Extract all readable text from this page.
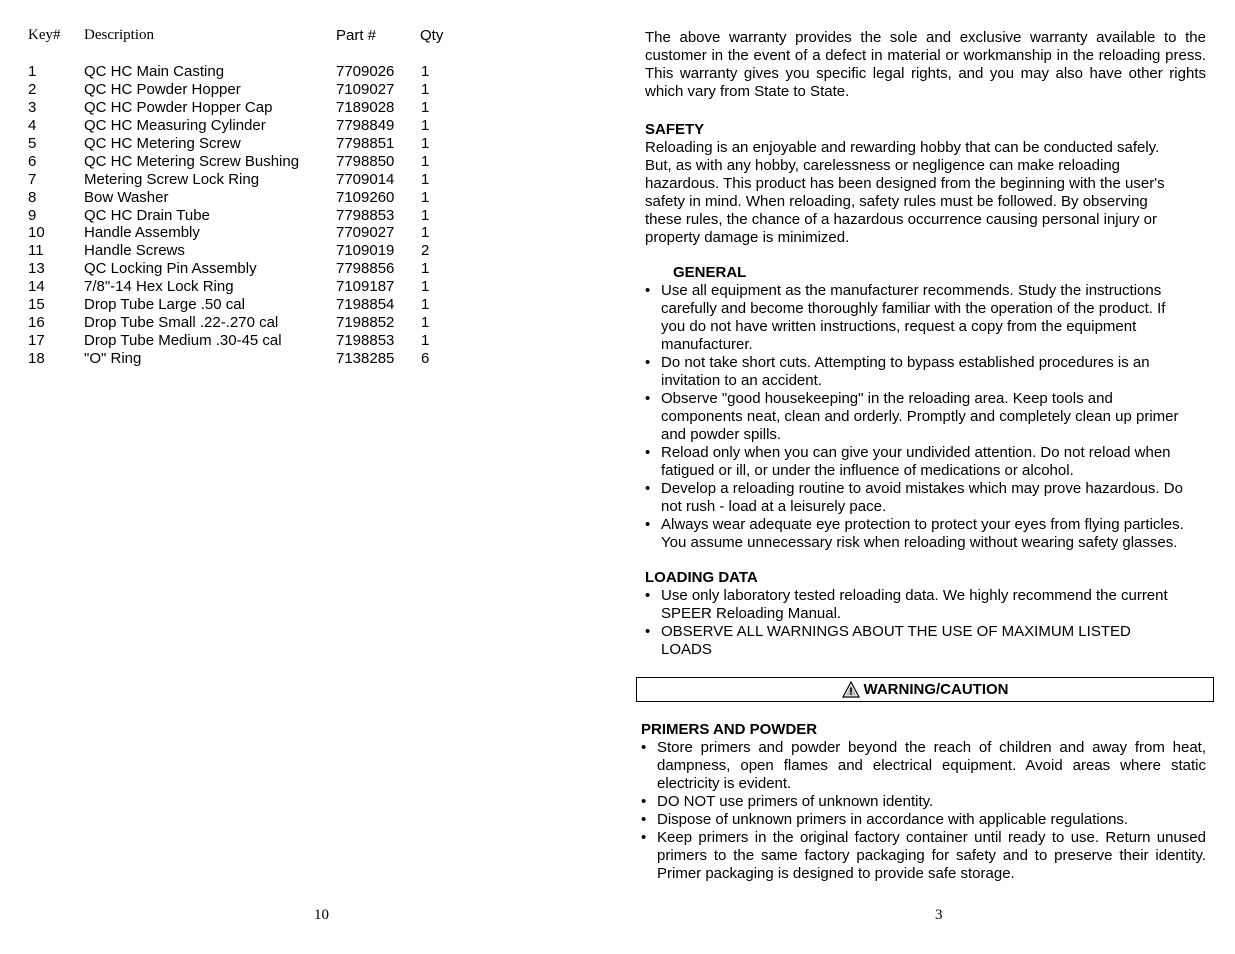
Key# Description	Part #	Qty
1	QC HC Main Casting	7709026 1
2	QC HC Powder Hopper	7109027 1
3	QC HC Powder Hopper Cap	7189028 1
4	QC HC Measuring Cylinder	7798849 1
5	QC HC Metering Screw	7798851 1
6	QC HC Metering Screw Bushing 7798850 1
7	Metering Screw Lock Ring	7709014 1
8	Bow Washer	7109260 1
9	QC HC Drain Tube	7798853 1
10	Handle Assembly	7709027 1
11	Handle Screws	7109019 2
13	QC Locking Pin Assembly	7798856 1
14	7/8"-14 Hex Lock Ring	7109187 1
15	Drop Tube Large .50 cal	7198854 1
16	Drop Tube Small .22-.270 cal	7198852 1
17	Drop Tube Medium .30-45 cal	7198853 1
18	"O" Ring	7138285 6
10
The above warranty provides the sole and exclusive warranty available to the customer in the event of a defect in material or workmanship in the reloading press. This warranty gives you specific legal rights, and you may also have other rights which vary from State to State.
SAFETY
Reloading is an enjoyable and rewarding hobby that can be conducted safely.
But, as with any hobby, carelessness or negligence can make reloading
hazardous. This product has been designed from the beginning with the user's
safety in mind. When reloading, safety rules must be followed. By observing
these rules, the chance of a hazardous occurrence causing personal injury or
property damage is minimized.
GENERAL
• Use all equipment as the manufacturer recommends. Study the instructions
carefully and become thoroughly familiar with the operation of the product. If
you do not have written instructions, request a copy from the equipment
manufacturer.
• Do not take short cuts. Attempting to bypass established procedures is an
invitation to an accident.
• Observe "good housekeeping" in the reloading area. Keep tools and
components neat, clean and orderly. Promptly and completely clean up primer
and powder spills.
• Reload only when you can give your undivided attention. Do not reload when
fatigued or ill, or under the influence of medications or alcohol.
• Develop a reloading routine to avoid mistakes which may prove hazardous. Do
not rush - load at a leisurely pace.
• Always wear adequate eye protection to protect your eyes from flying particles.
You assume unnecessary risk when reloading without wearing safety glasses.
LOADING DATA
• Use only laboratory tested reloading data. We highly recommend the current
SPEER Reloading Manual.
• OBSERVE ALL WARNINGS ABOUT THE USE OF MAXIMUM LISTED
LOADS
WARNING/CAUTION
PRIMERS AND POWDER
• Store primers and powder beyond the reach of children and away from heat, dampness, open flames and electrical equipment. Avoid areas where static electricity is evident.
• DO NOT use primers of unknown identity.
• Dispose of unknown primers in accordance with applicable regulations.
• Keep primers in the original factory container until ready to use. Return unused primers to the same factory packaging for safety and to preserve their identity. Primer packaging is designed to provide safe storage.
3
